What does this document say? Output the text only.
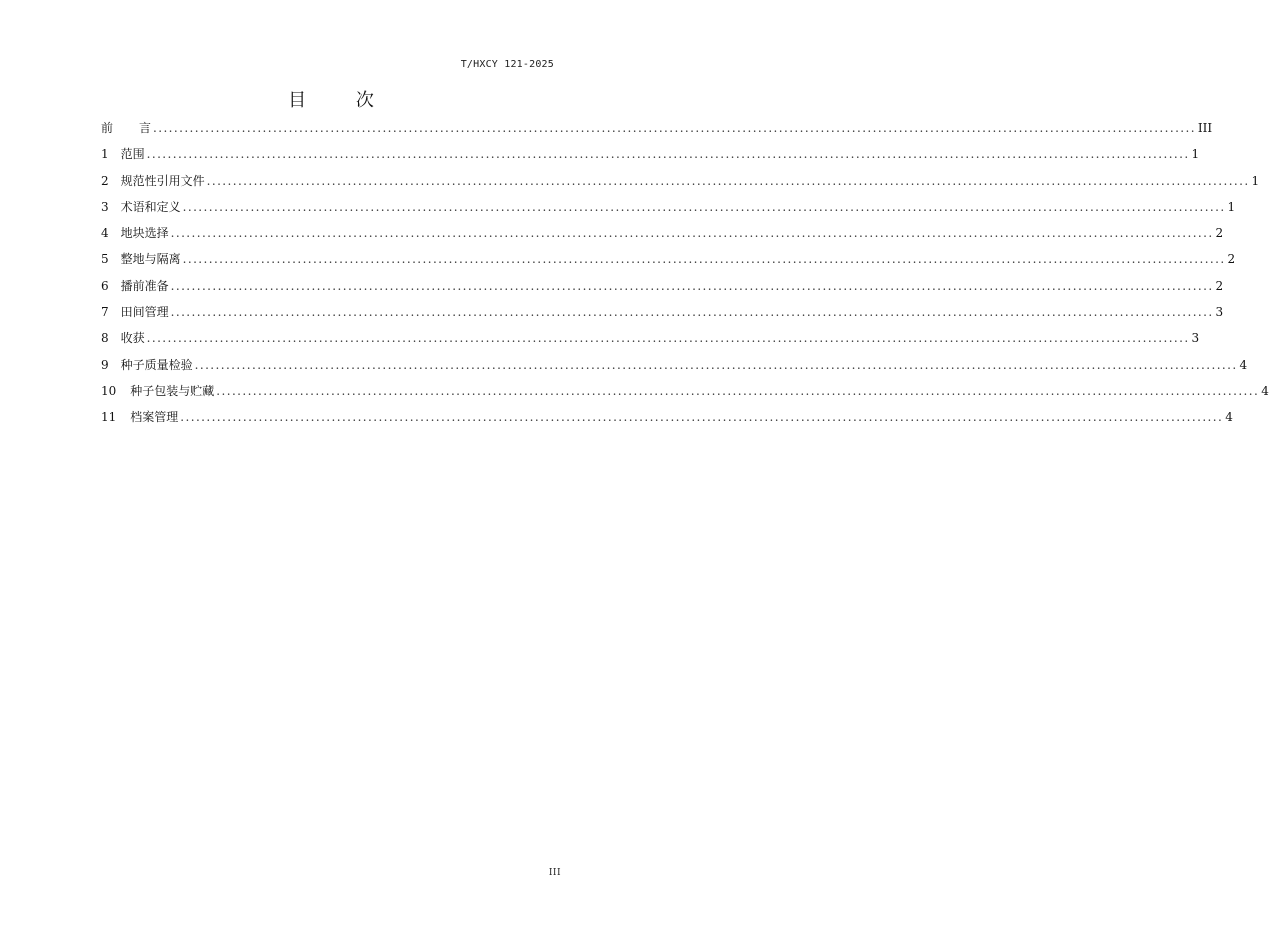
T/HXCY 121-2025
目 次
前 言 ........................................................................................................................................................................................................ III
1 范围 ........................................................................................................................................................................................................ 1
2 规范性引用文件 ........................................................................................................................................................................................................ 1
3 术语和定义 ........................................................................................................................................................................................................ 1
4 地块选择 ........................................................................................................................................................................................................ 2
5 整地与隔离 ........................................................................................................................................................................................................ 2
6 播前准备 ........................................................................................................................................................................................................ 2
7 田间管理 ........................................................................................................................................................................................................ 3
8 收获 ........................................................................................................................................................................................................ 3
9 种子质量检验 ........................................................................................................................................................................................................ 4
10 种子包装与贮藏 ........................................................................................................................................................................................................ 4
11 档案管理 ........................................................................................................................................................................................................ 4
III
